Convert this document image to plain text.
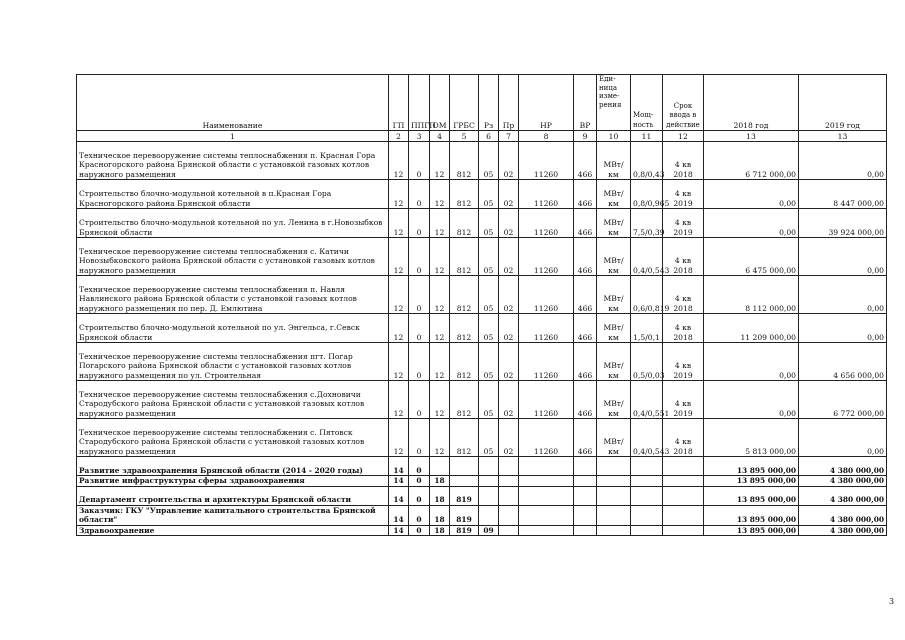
Наименование	ГП	ППГП	ОМ	ГРБС	Рз	Пр	НР	ВР	Еди-ница изме-рения	Мощ-ность	Срок ввода в действие	2018 год	2019 год
1	2	3	4	5	6	7	8	9	10	11	12	13	13
Техническое перевооружение системы теплоснабжения п. Красная Гора Красногорского района Брянской области с установкой газовых котлов наружного размещения	12	0	12	812	05	02	11260	466	МВт/км	0,8/0,43	4 кв 2018	6 712 000,00	0,00
Строительство блочно-модульной котельной в п.Красная Гора Красногорского района Брянской области	12	0	12	812	05	02	11260	466	МВт/км	0,8/0,965	4 кв 2019	0,00	8 447 000,00
Строительство блочно-модульной котельной по ул. Ленина в г.Новозыбков Брянской области	12	0	12	812	05	02	11260	466	МВт/км	7,5/0,39	4 кв 2019	0,00	39 924 000,00
Техническое перевооружение системы теплоснабжения с. Катичи Новозыбковского района Брянской области с установкой газовых котлов наружного размещения	12	0	12	812	05	02	11260	466	МВт/км	0,4/0,543	4 кв 2018	6 475 000,00	0,00
Техническое перевооружение системы теплоснабжения п. Навля Навлинского района Брянской области с установкой газовых котлов наружного размещения по пер. Д. Емлютина	12	0	12	812	05	02	11260	466	МВт/км	0,6/0,819	4 кв 2018	8 112 000,00	0,00
Строительство блочно-модульной котельной по ул. Энгельса, г.Севск Брянской области	12	0	12	812	05	02	11260	466	МВт/км	1,5/0,1	4 кв 2018	11 209 000,00	0,00
Техническое перевооружение системы теплоснабжения пгт. Погар Погарского района Брянской области с установкой газовых котлов наружного размещения по ул. Строительная	12	0	12	812	05	02	11260	466	МВт/км	0,5/0,03	4 кв 2019	0,00	4 656 000,00
Техническое перевооружение системы теплоснабжения с.Дохновичи Стародубского района Брянской области с установкой газовых котлов наружного размещения	12	0	12	812	05	02	11260	466	МВт/км	0,4/0,551	4 кв 2019	0,00	6 772 000,00
Техническое перевооружение системы теплоснабжения с. Пятовск Стародубского района Брянской области с установкой газовых котлов наружного размещения	12	0	12	812	05	02	11260	466	МВт/км	0,4/0,543	4 кв 2018	5 813 000,00	0,00
Развитие здравоохранения Брянской области (2014 - 2020 годы)	14	0										13 895 000,00	4 380 000,00
Развитие инфраструктуры сферы здравоохранения	14	0	18									13 895 000,00	4 380 000,00
Департамент строительства и архитектуры Брянской области	14	0	18	819								13 895 000,00	4 380 000,00
Заказчик: ГКУ "Управление капитального строительства Брянской области"	14	0	18	819								13 895 000,00	4 380 000,00
Здравоохранение	14	0	18	819	09							13 895 000,00	4 380 000,00
3
